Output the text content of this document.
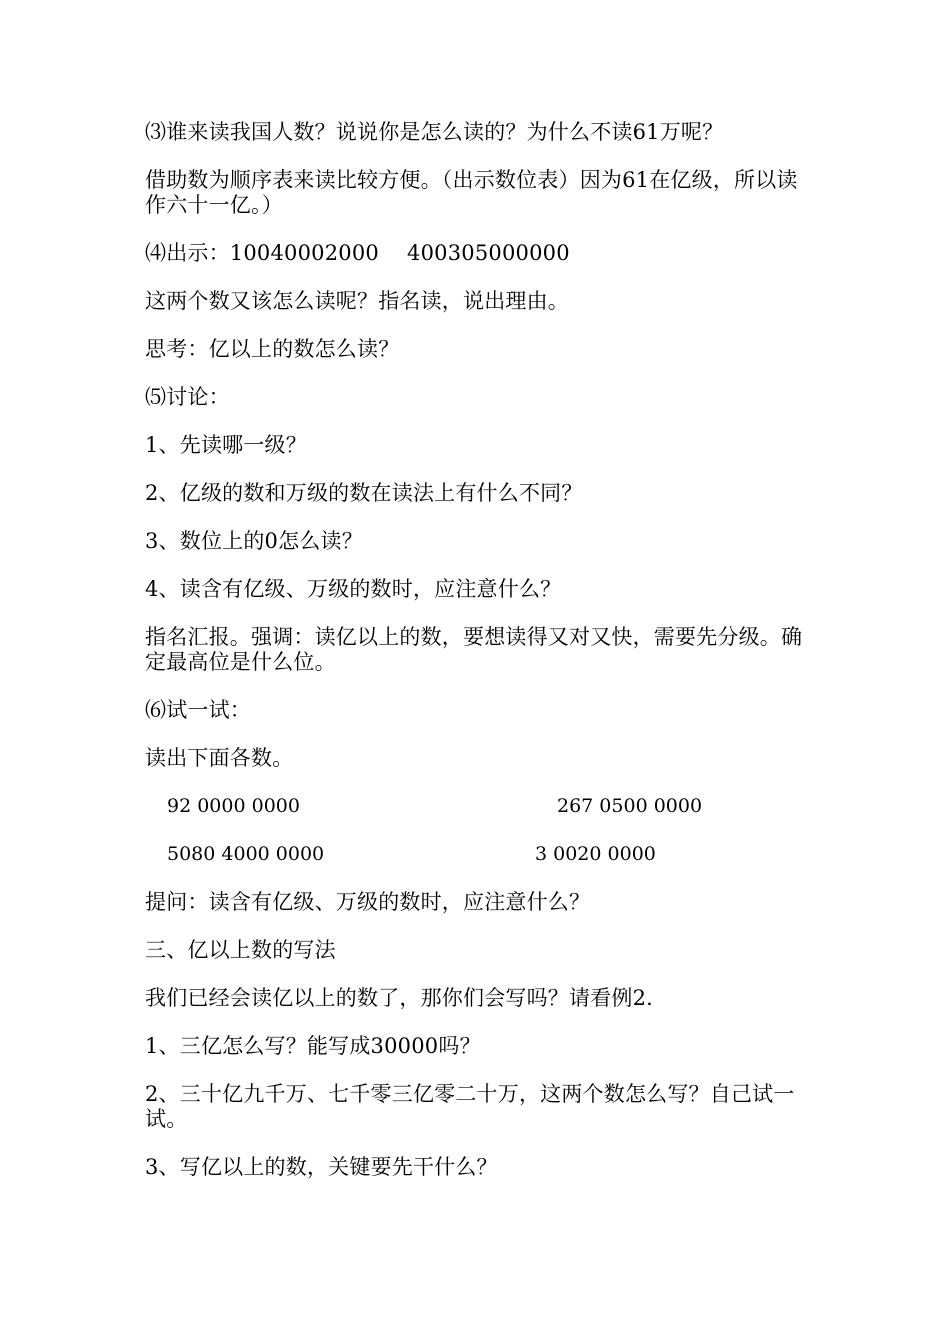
⑶谁来读我国人数？说说你是怎么读的？为什么不读61万呢？

借助数为顺序表来读比较方便。（出示数位表）因为61在亿级，所以读作六十一亿。）

⑷出示：10040002000　 400305000000

这两个数又该怎么读呢？指名读，说出理由。

思考：亿以上的数怎么读？

⑸讨论：

1、先读哪一级？

2、亿级的数和万级的数在读法上有什么不同？

3、数位上的0怎么读？

4、读含有亿级、万级的数时，应注意什么？

指名汇报。强调：读亿以上的数，要想读得又对又快，需要先分级。确定最高位是什么位。

⑹试一试：

读出下面各数。

92 0000 0000	267 0500 0000
5080 4000 0000	3 0020 0000

提问：读含有亿级、万级的数时，应注意什么？

三、亿以上数的写法

我们已经会读亿以上的数了，那你们会写吗？请看例2.

1、三亿怎么写？能写成30000吗？

2、三十亿九千万、七千零三亿零二十万，这两个数怎么写？自己试一试。

3、写亿以上的数，关键要先干什么？
